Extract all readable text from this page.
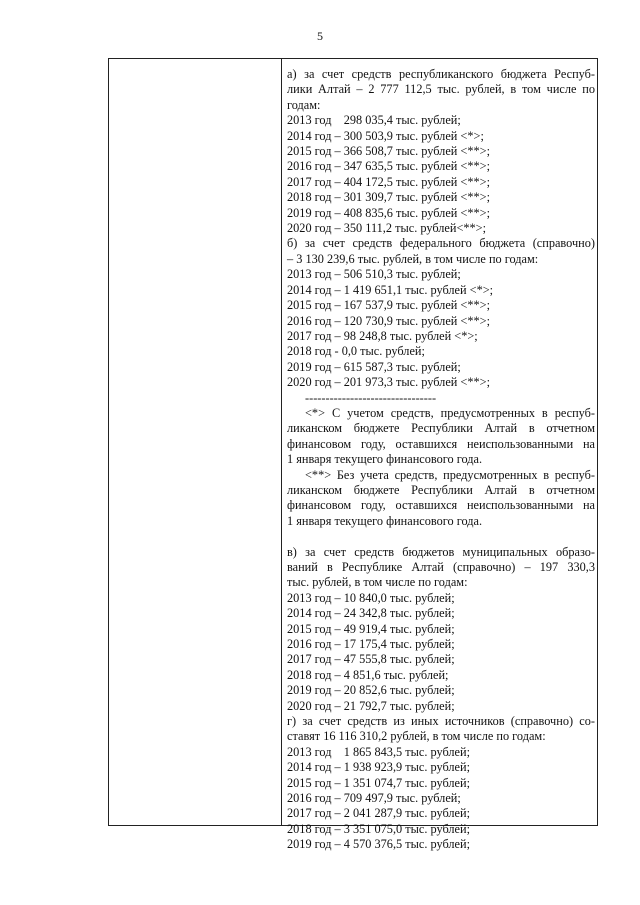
5
а) за счет средств республиканского бюджета Респуб-
лики Алтай – 2 777 112,5 тыс. рублей, в том числе по
годам:
2013 год    298 035,4 тыс. рублей;
2014 год – 300 503,9 тыс. рублей <*>;
2015 год – 366 508,7 тыс. рублей <**>;
2016 год – 347 635,5 тыс. рублей <**>;
2017 год – 404 172,5 тыс. рублей <**>;
2018 год – 301 309,7 тыс. рублей <**>;
2019 год – 408 835,6 тыс. рублей <**>;
2020 год – 350 111,2 тыс. рублей<**>;
б) за счет средств федерального бюджета (справочно)
– 3 130 239,6 тыс. рублей, в том числе по годам:
2013 год – 506 510,3 тыс. рублей;
2014 год – 1 419 651,1 тыс. рублей <*>;
2015 год – 167 537,9 тыс. рублей <**>;
2016 год – 120 730,9 тыс. рублей <**>;
2017 год – 98 248,8 тыс. рублей <*>;
2018 год - 0,0 тыс. рублей;
2019 год – 615 587,3 тыс. рублей;
2020 год – 201 973,3 тыс. рублей <**>;
--------------------------------
<*> С учетом средств, предусмотренных в респуб-
ликанском бюджете Республики Алтай в отчетном
финансовом году, оставшихся неиспользованными на
1 января текущего финансового года.
<**> Без учета средств, предусмотренных в респуб-
ликанском бюджете Республики Алтай в отчетном
финансовом году, оставшихся неиспользованными на
1 января текущего финансового года.
в) за счет средств бюджетов муниципальных образо-
ваний в Республике Алтай (справочно) – 197 330,3
тыс. рублей, в том числе по годам:
2013 год – 10 840,0 тыс. рублей;
2014 год – 24 342,8 тыс. рублей;
2015 год – 49 919,4 тыс. рублей;
2016 год – 17 175,4 тыс. рублей;
2017 год – 47 555,8 тыс. рублей;
2018 год – 4 851,6 тыс. рублей;
2019 год – 20 852,6 тыс. рублей;
2020 год – 21 792,7 тыс. рублей;
г) за счет средств из иных источников (справочно) со-
ставят 16 116 310,2 рублей, в том числе по годам:
2013 год    1 865 843,5 тыс. рублей;
2014 год – 1 938 923,9 тыс. рублей;
2015 год – 1 351 074,7 тыс. рублей;
2016 год – 709 497,9 тыс. рублей;
2017 год – 2 041 287,9 тыс. рублей;
2018 год – 3 351 075,0 тыс. рублей;
2019 год – 4 570 376,5 тыс. рублей;
